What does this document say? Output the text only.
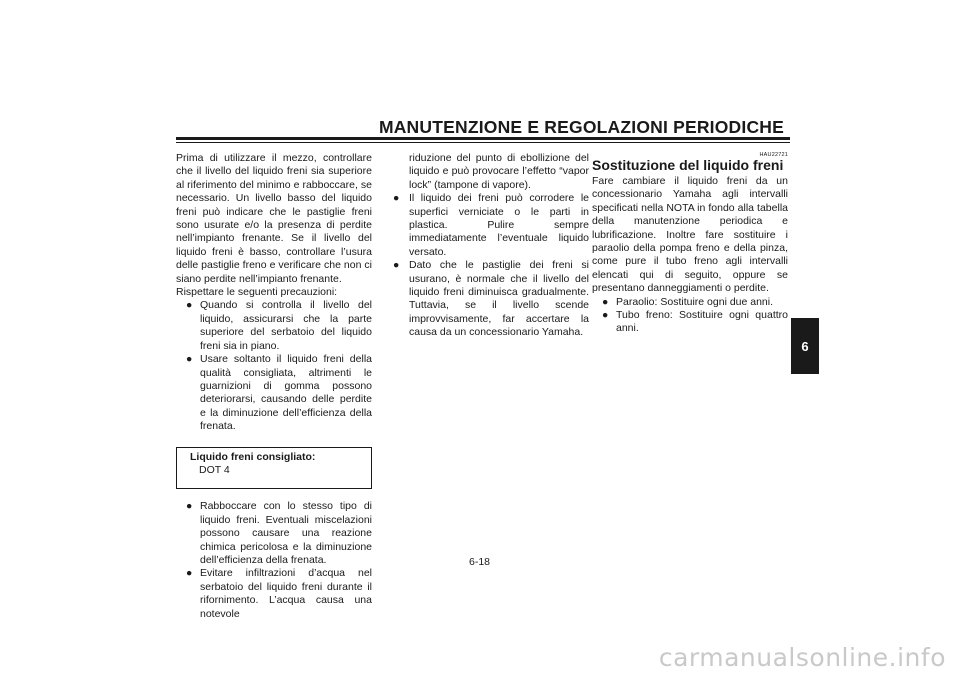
MANUTENZIONE E REGOLAZIONI PERIODICHE

Prima di utilizzare il mezzo, controllare che il livello del liquido freni sia superiore al riferimento del minimo e rabboccare, se necessario. Un livello basso del liquido freni può indicare che le pastiglie freni sono usurate e/o la presenza di perdite nell’impianto frenante. Se il livello del liquido freni è basso, controllare l’usura delle pastiglie freno e verificare che non ci siano perdite nell’impianto frenante.

Rispettare le seguenti precauzioni:

● Quando si controlla il livello del liquido, assicurarsi che la parte superiore del serbatoio del liquido freni sia in piano.
● Usare soltanto il liquido freni della qualità consigliata, altrimenti le guarnizioni di gomma possono deteriorarsi, causando delle perdite e la diminuzione dell’efficienza della frenata.
Liquido freni consigliato:
DOT 4
● Rabboccare con lo stesso tipo di liquido freni. Eventuali miscelazioni possono causare una reazione chimica pericolosa e la diminuzione dell’efficienza della frenata.
● Evitare infiltrazioni d’acqua nel serbatoio del liquido freni durante il rifornimento. L’acqua causa una notevole

riduzione del punto di ebollizione del liquido e può provocare l’effetto “vapor lock” (tampone di vapore).

● Il liquido dei freni può corrodere le superfici verniciate o le parti in plastica. Pulire sempre immediatamente l’eventuale liquido versato.
● Dato che le pastiglie dei freni si usurano, è normale che il livello del liquido freni diminuisca gradualmente. Tuttavia, se il livello scende improvvisamente, far accertare la causa da un concessionario Yamaha.
HAU22721
Sostituzione del liquido freni

Fare cambiare il liquido freni da un concessionario Yamaha agli intervalli specificati nella NOTA in fondo alla tabella della manutenzione periodica e lubrificazione. Inoltre fare sostituire i paraolio della pompa freno e della pinza, come pure il tubo freno agli intervalli elencati qui di seguito, oppure se presentano danneggiamenti o perdite.

● Paraolio: Sostituire ogni due anni.
● Tubo freno: Sostituire ogni quattro anni.
6
6-18
carmanualsonline.info
